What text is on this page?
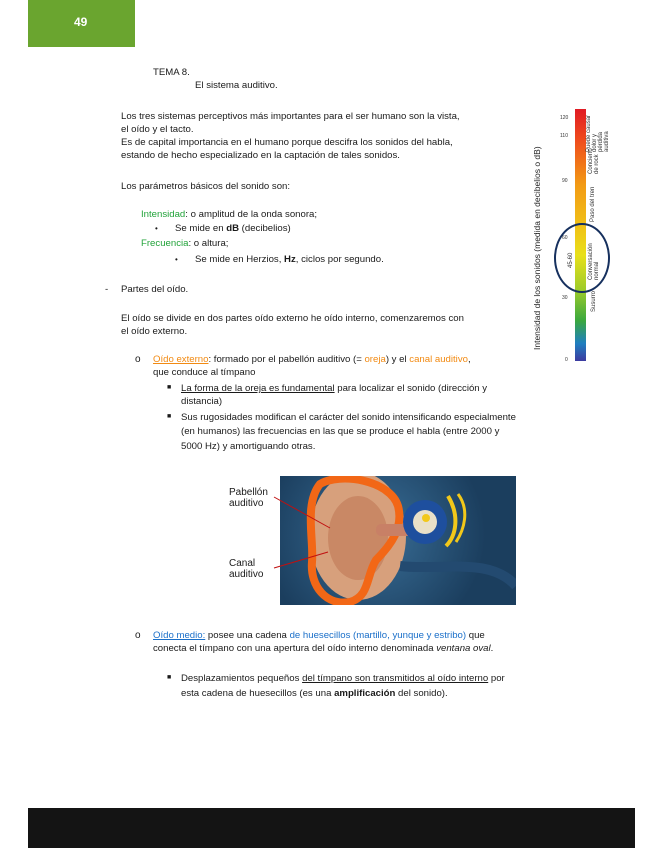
49
TEMA 8.
El sistema auditivo.
Los tres sistemas perceptivos más importantes para el ser humano son la vista,
el oído y el tacto.
Es de capital importancia en el humano porque descifra los sonidos del habla,
estando de hecho especializado en la captación de tales sonidos.
Los parámetros básicos del sonido son:
Intensidad: o amplitud de la onda sonora;
• Se mide en dB (decibelios)
Frecuencia: o altura;
• Se mide en Herzios, Hz, ciclos por segundo.
- Partes del oído.
El oído se divide en dos partes oído externo he oído interno, comenzaremos con
el oído externo.
o Oído externo: formado por el pabellón auditivo (= oreja) y el canal auditivo,
que conduce al tímpano
■ La forma de la oreja es fundamental para localizar el sonido (dirección y
distancia)
■ Sus rugosidades modifican el carácter del sonido intensificando especialmente
(en humanos) las frecuencias en las que se produce el habla (entre 2000 y
5000 Hz) y amortiguando otras.
Pabellón
auditivo
Canal
auditivo
o Oído medio: posee una cadena de huesecillos (martillo, yunque y estribo) que
conecta el tímpano con una apertura del oído interno denominada ventana oval.
■ Desplazamientos pequeños del tímpano son transmitidos al oído interno por
esta cadena de huesecillos (es una amplificación del sonido).
Intensidad de los sonidos (medida en decibelios o dB)
120
110
90
60
30
0
Puede causar dolor y pérdida auditiva
Concierto de rock
Paso del tren
Conversación normal
45-60
Susurro
